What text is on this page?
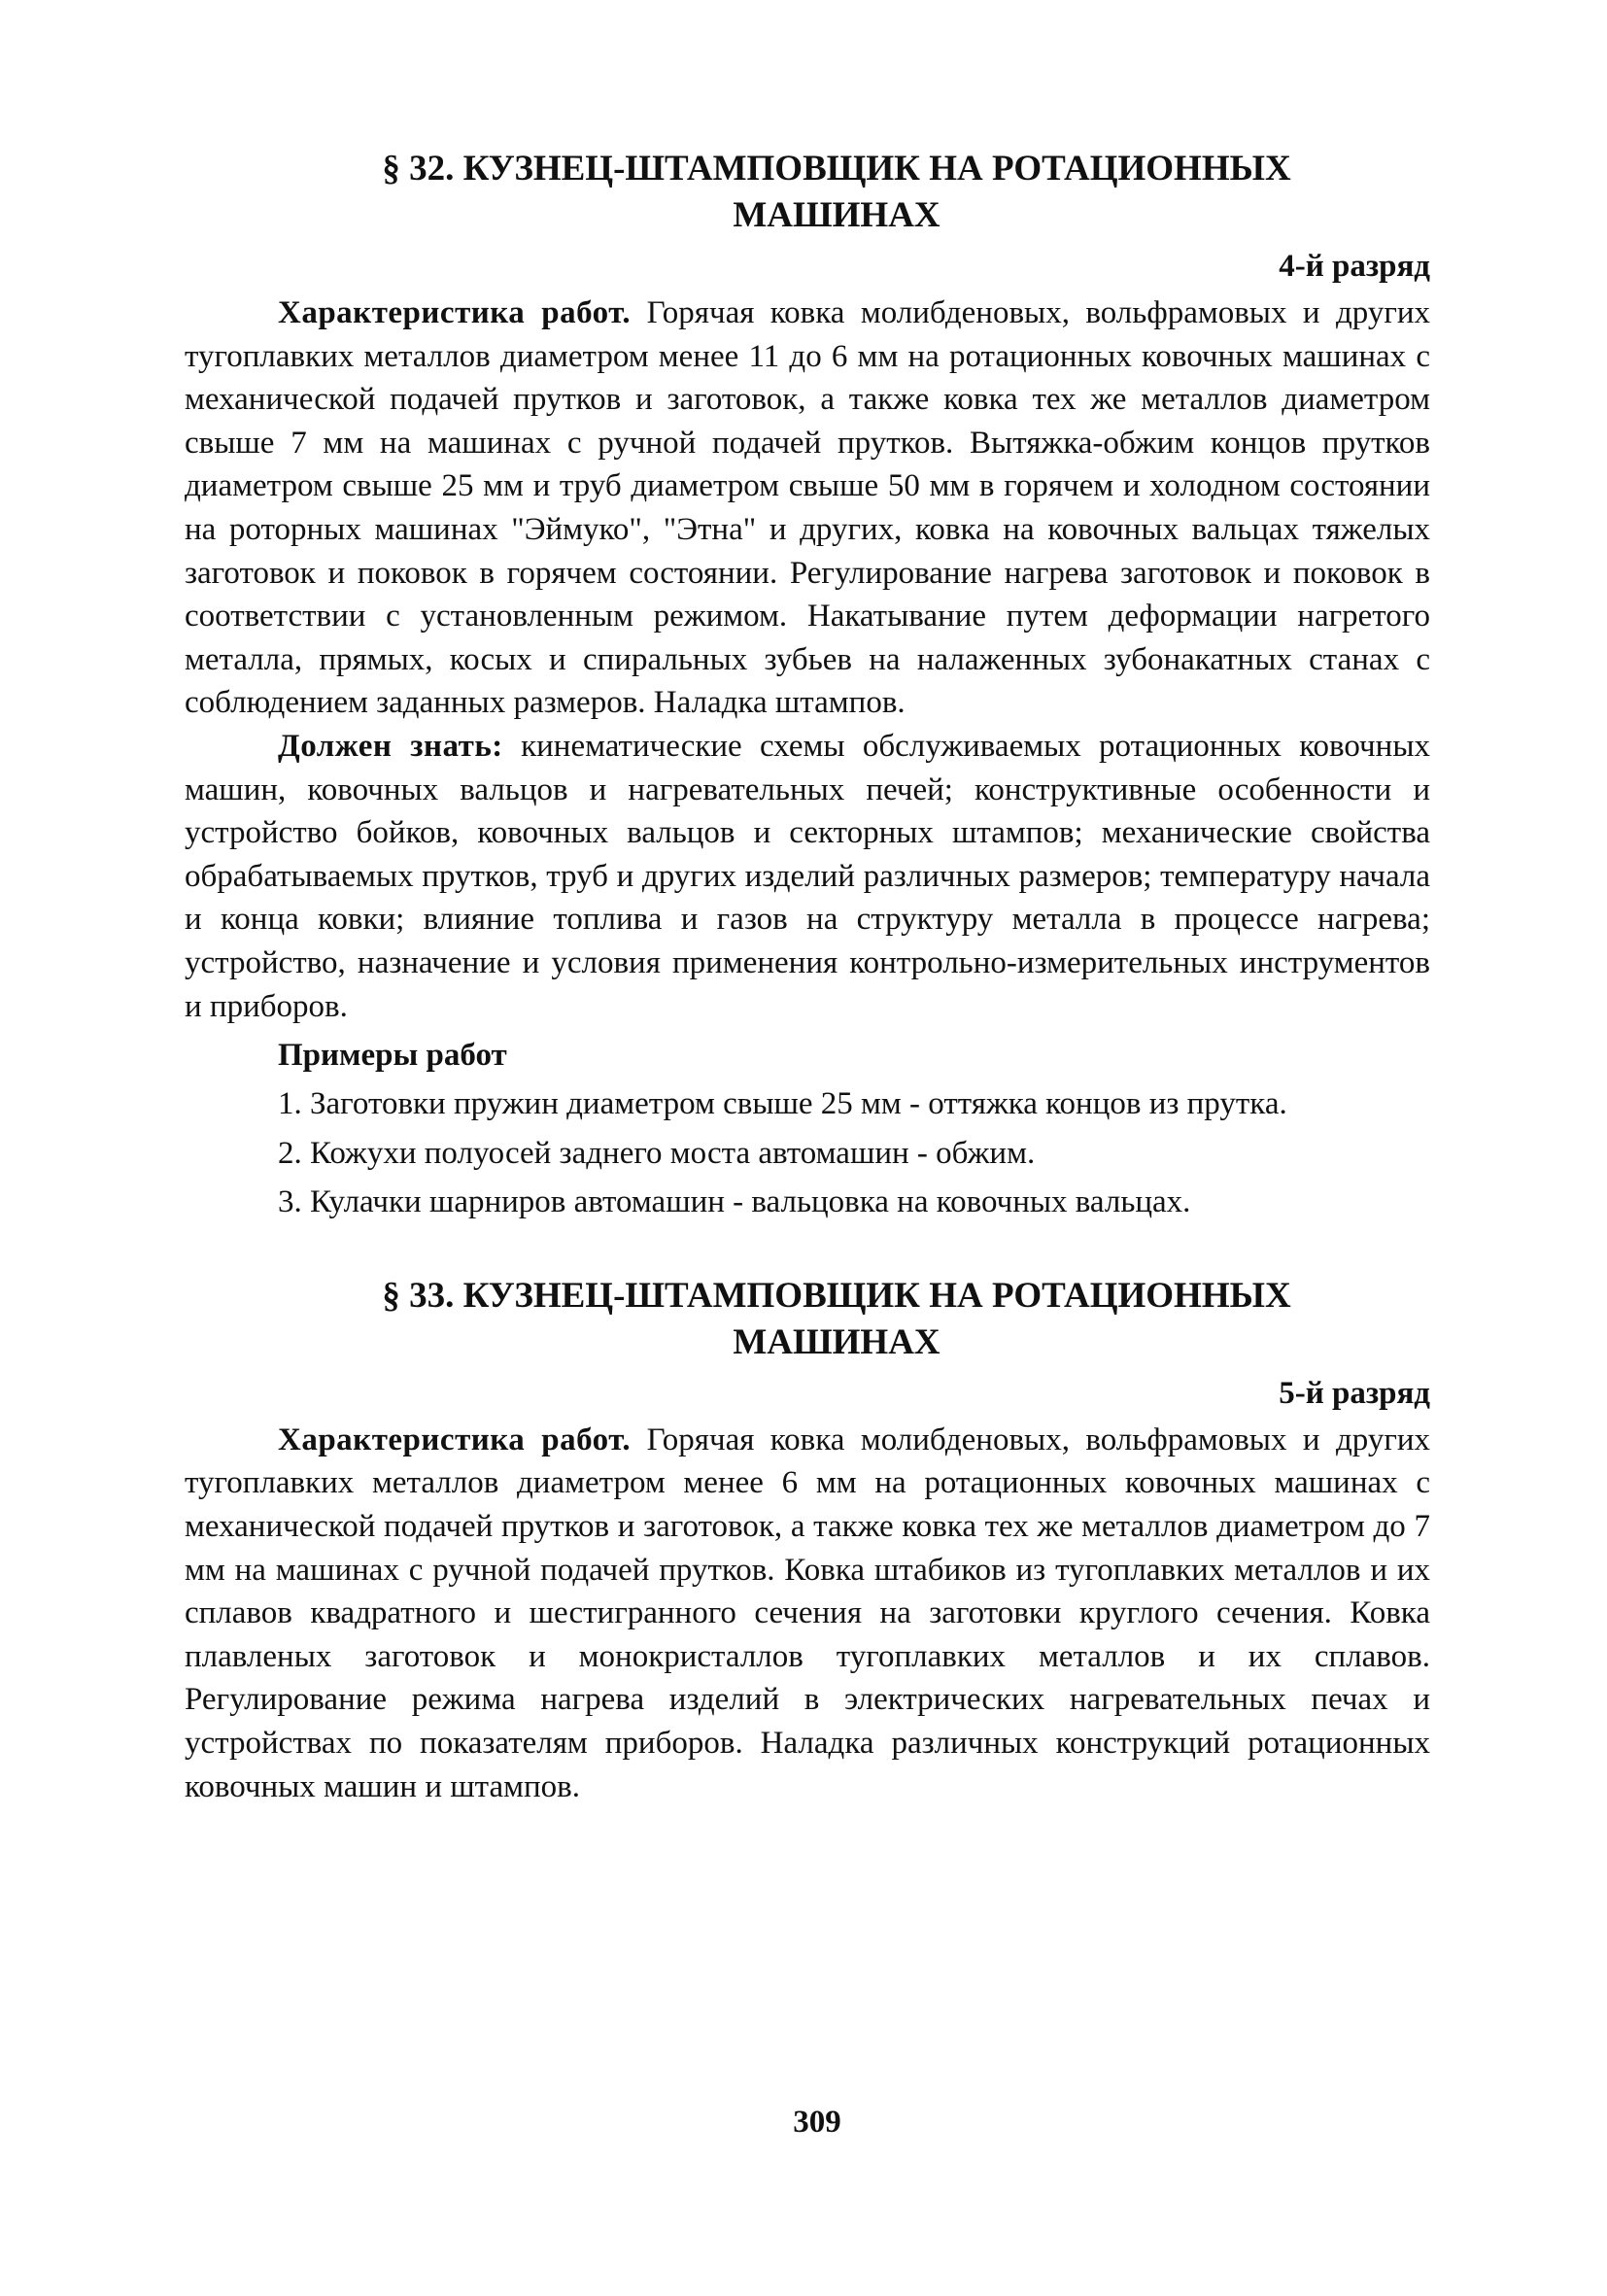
§ 32. КУЗНЕЦ-ШТАМПОВЩИК НА РОТАЦИОННЫХ
МАШИНАХ
4-й разряд

Характеристика работ. Горячая ковка молибденовых, вольфрамовых и других тугоплавких металлов диаметром менее 11 до 6 мм на ротационных ковочных машинах с механической подачей прутков и заготовок, а также ковка тех же металлов диаметром свыше 7 мм на машинах с ручной подачей прутков. Вытяжка-обжим концов прутков диаметром свыше 25 мм и труб диаметром свыше 50 мм в горячем и холодном состоянии на роторных машинах "Эймуко", "Этна" и других, ковка на ковочных вальцах тяжелых заготовок и поковок в горячем состоянии. Регулирование нагрева заготовок и поковок в соответствии с установленным режимом. Накатывание путем деформации нагретого металла, прямых, косых и спиральных зубьев на налаженных зубонакатных станах с соблюдением заданных размеров. Наладка штампов.

Должен знать: кинематические схемы обслуживаемых ротационных ковочных машин, ковочных вальцов и нагревательных печей; конструктивные особенности и устройство бойков, ковочных вальцов и секторных штампов; механические свойства обрабатываемых прутков, труб и других изделий различных размеров; температуру начала и конца ковки; влияние топлива и газов на структуру металла в процессе нагрева; устройство, назначение и условия применения контрольно-измерительных инструментов и приборов.

Примеры работ

1. Заготовки пружин диаметром свыше 25 мм - оттяжка концов из прутка.

2. Кожухи полуосей заднего моста автомашин - обжим.

3. Кулачки шарниров автомашин - вальцовка на ковочных вальцах.

§ 33. КУЗНЕЦ-ШТАМПОВЩИК НА РОТАЦИОННЫХ
МАШИНАХ
5-й разряд

Характеристика работ. Горячая ковка молибденовых, вольфрамовых и других тугоплавких металлов диаметром менее 6 мм на ротационных ковочных машинах с механической подачей прутков и заготовок, а также ковка тех же металлов диаметром до 7 мм на машинах с ручной подачей прутков. Ковка штабиков из тугоплавких металлов и их сплавов квадратного и шестигранного сечения на заготовки круглого сечения. Ковка плавленых заготовок и монокристаллов тугоплавких металлов и их сплавов. Регулирование режима нагрева изделий в электрических нагревательных печах и устройствах по показателям приборов. Наладка различных конструкций ротационных ковочных машин и штампов.

309
